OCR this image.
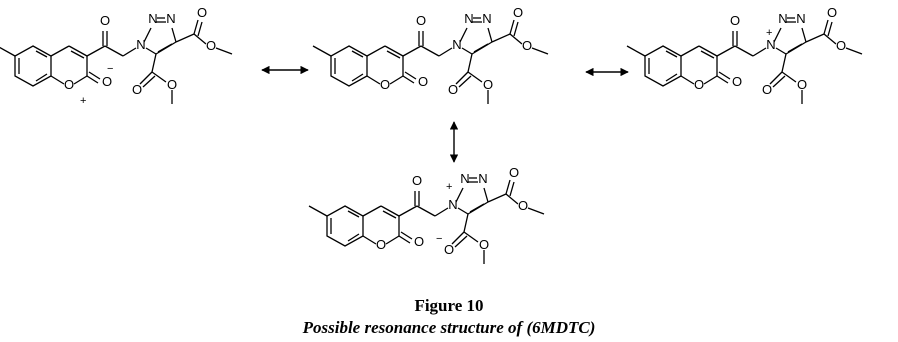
O O
O
N
N N O
O
O O
+
−
O O
O
N
N N O
O
O O	O O
O
N
N N O
O
O O
+
O O
O
N
N N O
O
O O
+
−
Figure 10
Possible resonance structure of (6MDTC)
